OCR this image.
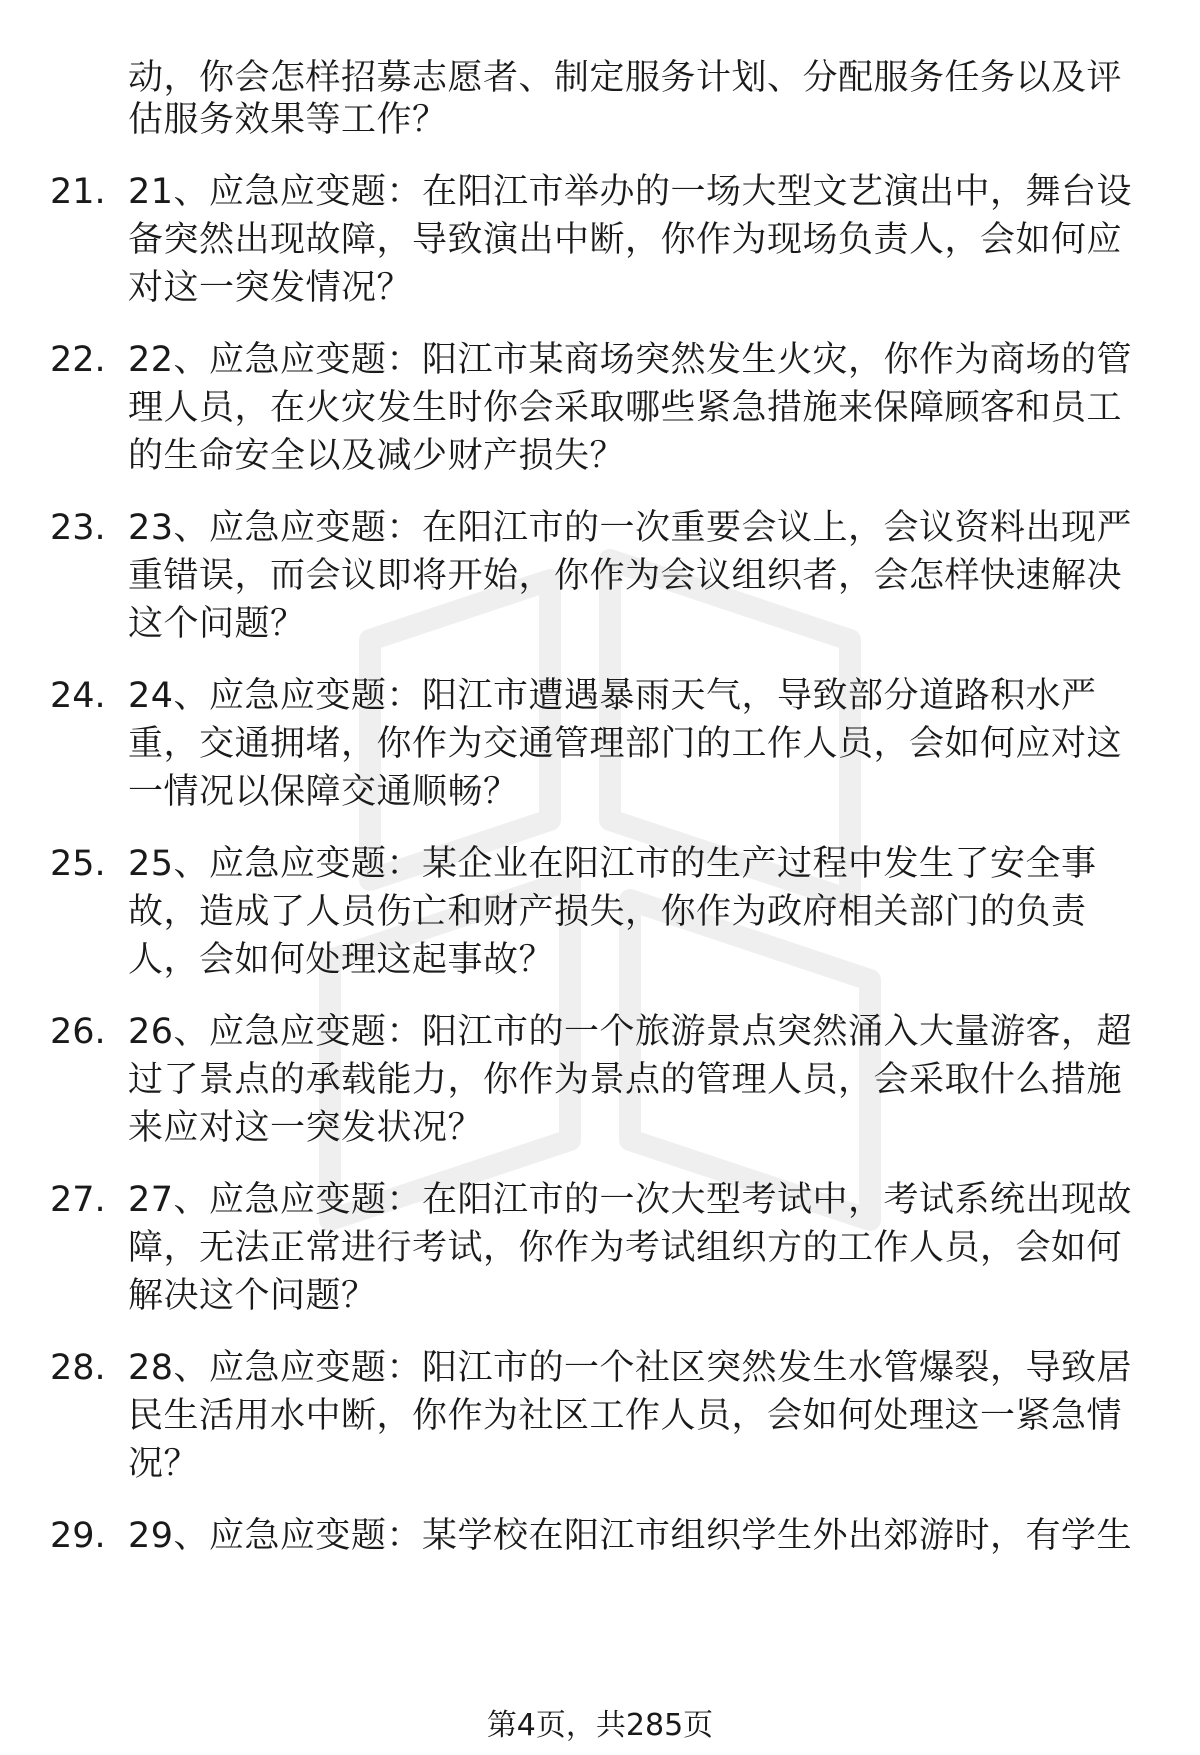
动，你会怎样招募志愿者、制定服务计划、分配服务任务以及评
估服务效果等工作？
21. 21、应急应变题：在阳江市举办的一场大型文艺演出中，舞台设
备突然出现故障，导致演出中断，你作为现场负责人，会如何应
对这一突发情况？
22. 22、应急应变题：阳江市某商场突然发生火灾，你作为商场的管
理人员，在火灾发生时你会采取哪些紧急措施来保障顾客和员工
的生命安全以及减少财产损失？
23. 23、应急应变题：在阳江市的一次重要会议上，会议资料出现严
重错误，而会议即将开始，你作为会议组织者，会怎样快速解决
这个问题？
24. 24、应急应变题：阳江市遭遇暴雨天气，导致部分道路积水严
重，交通拥堵，你作为交通管理部门的工作人员，会如何应对这
一情况以保障交通顺畅？
25. 25、应急应变题：某企业在阳江市的生产过程中发生了安全事
故，造成了人员伤亡和财产损失，你作为政府相关部门的负责
人，会如何处理这起事故？
26. 26、应急应变题：阳江市的一个旅游景点突然涌入大量游客，超
过了景点的承载能力，你作为景点的管理人员，会采取什么措施
来应对这一突发状况？
27. 27、应急应变题：在阳江市的一次大型考试中，考试系统出现故
障，无法正常进行考试，你作为考试组织方的工作人员，会如何
解决这个问题？
28. 28、应急应变题：阳江市的一个社区突然发生水管爆裂，导致居
民生活用水中断，你作为社区工作人员，会如何处理这一紧急情
况？
29. 29、应急应变题：某学校在阳江市组织学生外出郊游时，有学生
第4页，共285页
